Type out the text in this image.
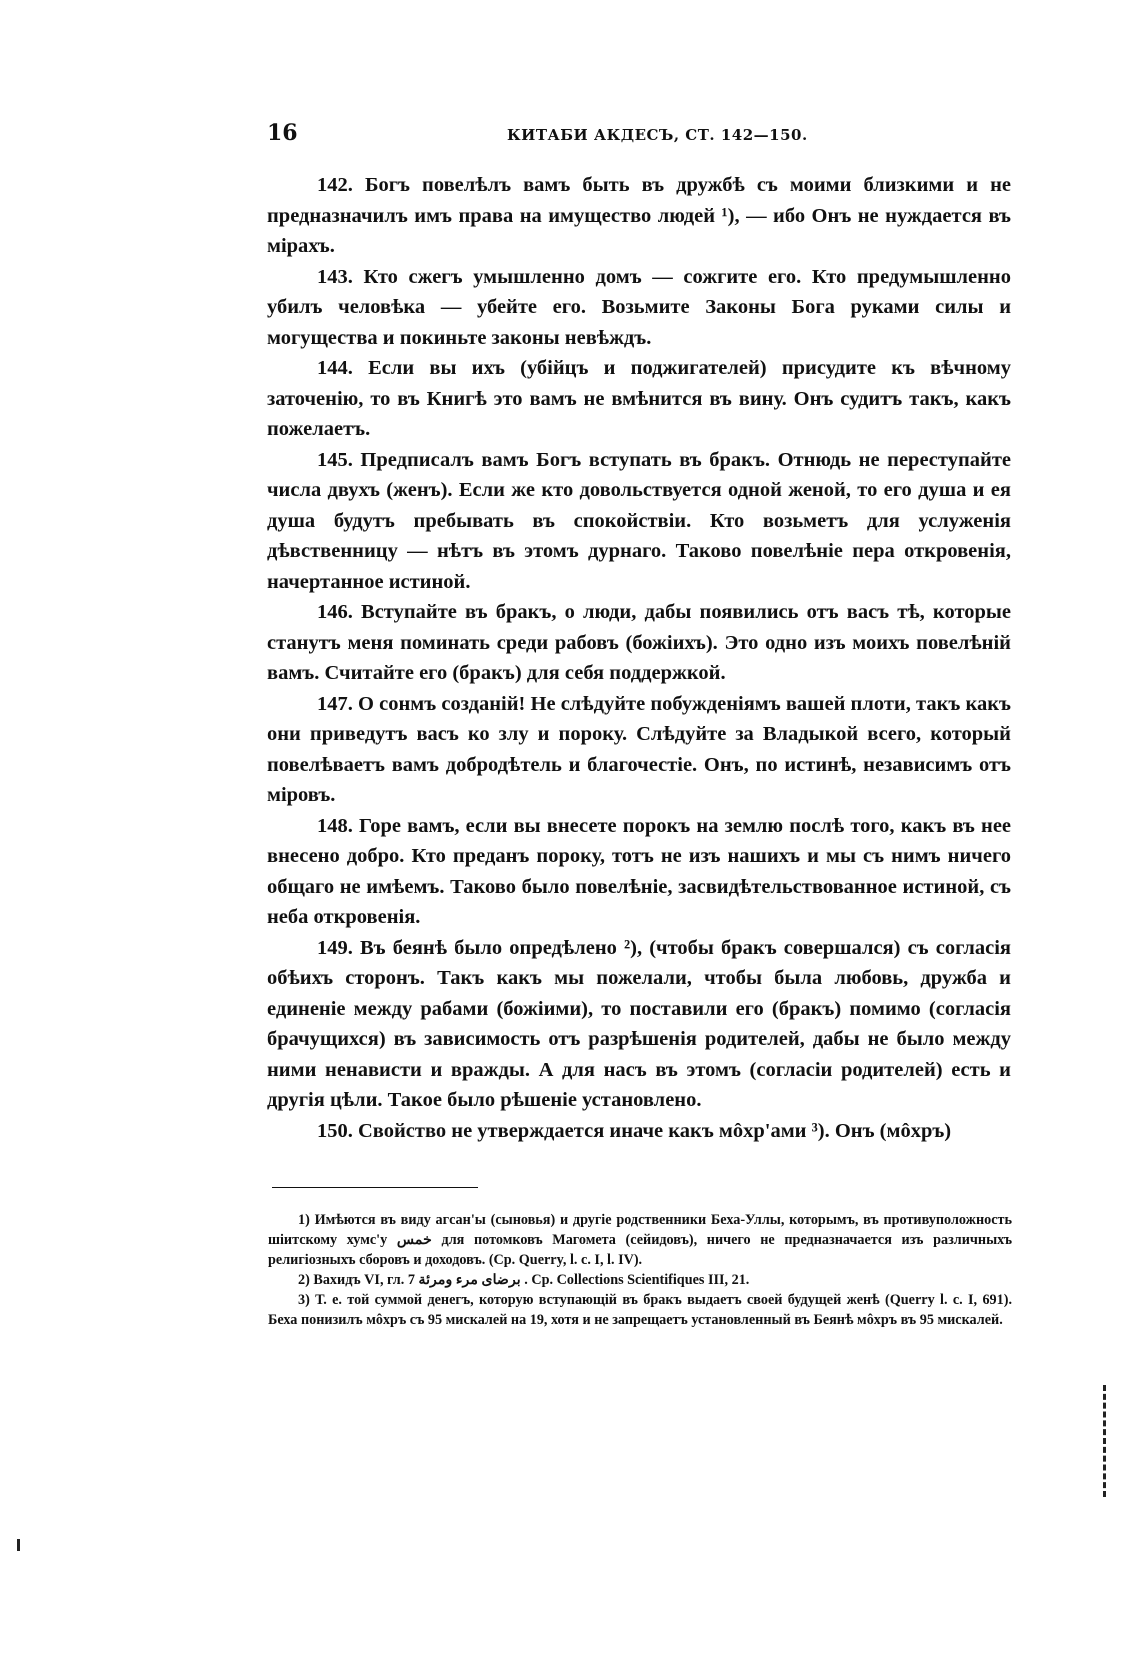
16	КИТАБИ АКДЕСЪ, СТ. 142—150.

142. Богъ повелѣлъ вамъ быть въ дружбѣ съ моими близкими и не предназначилъ имъ права на имущество людей ¹), — ибо Онъ не нуждается въ мірахъ.

143. Кто сжегъ умышленно домъ — сожгите его. Кто предумышленно убилъ человѣка — убейте его. Возьмите Законы Бога руками силы и могущества и покиньте законы невѣждъ.

144. Если вы ихъ (убійцъ и поджигателей) присудите къ вѣчному заточенію, то въ Книгѣ это вамъ не вмѣнится въ вину. Онъ судитъ такъ, какъ пожелаетъ.

145. Предписалъ вамъ Богъ вступать въ бракъ. Отнюдь не переступайте числа двухъ (женъ). Если же кто довольствуется одной женой, то его душа и ея душа будутъ пребывать въ спокойствіи. Кто возьметъ для услуженія дѣвственницу — нѣтъ въ этомъ дурнаго. Таково повелѣніе пера откровенія, начертанное истиной.

146. Вступайте въ бракъ, о люди, дабы появились отъ васъ тѣ, которые станутъ меня поминать среди рабовъ (божіихъ). Это одно изъ моихъ повелѣній вамъ. Считайте его (бракъ) для себя поддержкой.

147. О сонмъ созданій! Не слѣдуйте побужденіямъ вашей плоти, такъ какъ они приведутъ васъ ко злу и пороку. Слѣдуйте за Владыкой всего, который повелѣваетъ вамъ добродѣтель и благочестіе. Онъ, по истинѣ, независимъ отъ міровъ.

148. Горе вамъ, если вы внесете порокъ на землю послѣ того, какъ въ нее внесено добро. Кто преданъ пороку, тотъ не изъ нашихъ и мы съ нимъ ничего общаго не имѣемъ. Таково было повелѣніе, засвидѣтельствованное истиной, съ неба откровенія.

149. Въ беянѣ было опредѣлено ²), (чтобы бракъ совершался) съ согласія обѣихъ сторонъ. Такъ какъ мы пожелали, чтобы была любовь, дружба и единеніе между рабами (божіими), то поставили его (бракъ) помимо (согласія брачущихся) въ зависимость отъ разрѣшенія родителей, дабы не было между ними ненависти и вражды. А для насъ въ этомъ (согласіи родителей) есть и другія цѣли. Такое было рѣшеніе установлено.

150. Свойство не утверждается иначе какъ мôхр'ами ³). Онъ (мôхръ)

1) Имѣются въ виду агсан'ы (сыновья) и другіе родственники Беха-Уллы, которымъ, въ противуположность шіитскому хумс'у خمس для потомковъ Магомета (сейидовъ), ничего не предназначается изъ различныхъ религіозныхъ сборовъ и доходовъ. (Ср. Querry, l. c. I, l. IV).

2) Вахидъ VI, гл. 7 برضای مرء ومرئة . Ср. Collections Scientifiques III, 21.

3) Т. е. той суммой денегъ, которую вступающій въ бракъ выдаетъ своей будущей женѣ (Querry l. c. I, 691). Беха понизилъ мôхръ съ 95 мискалей на 19, хотя и не запрещаетъ установленный въ Беянѣ мôхръ въ 95 мискалей.
